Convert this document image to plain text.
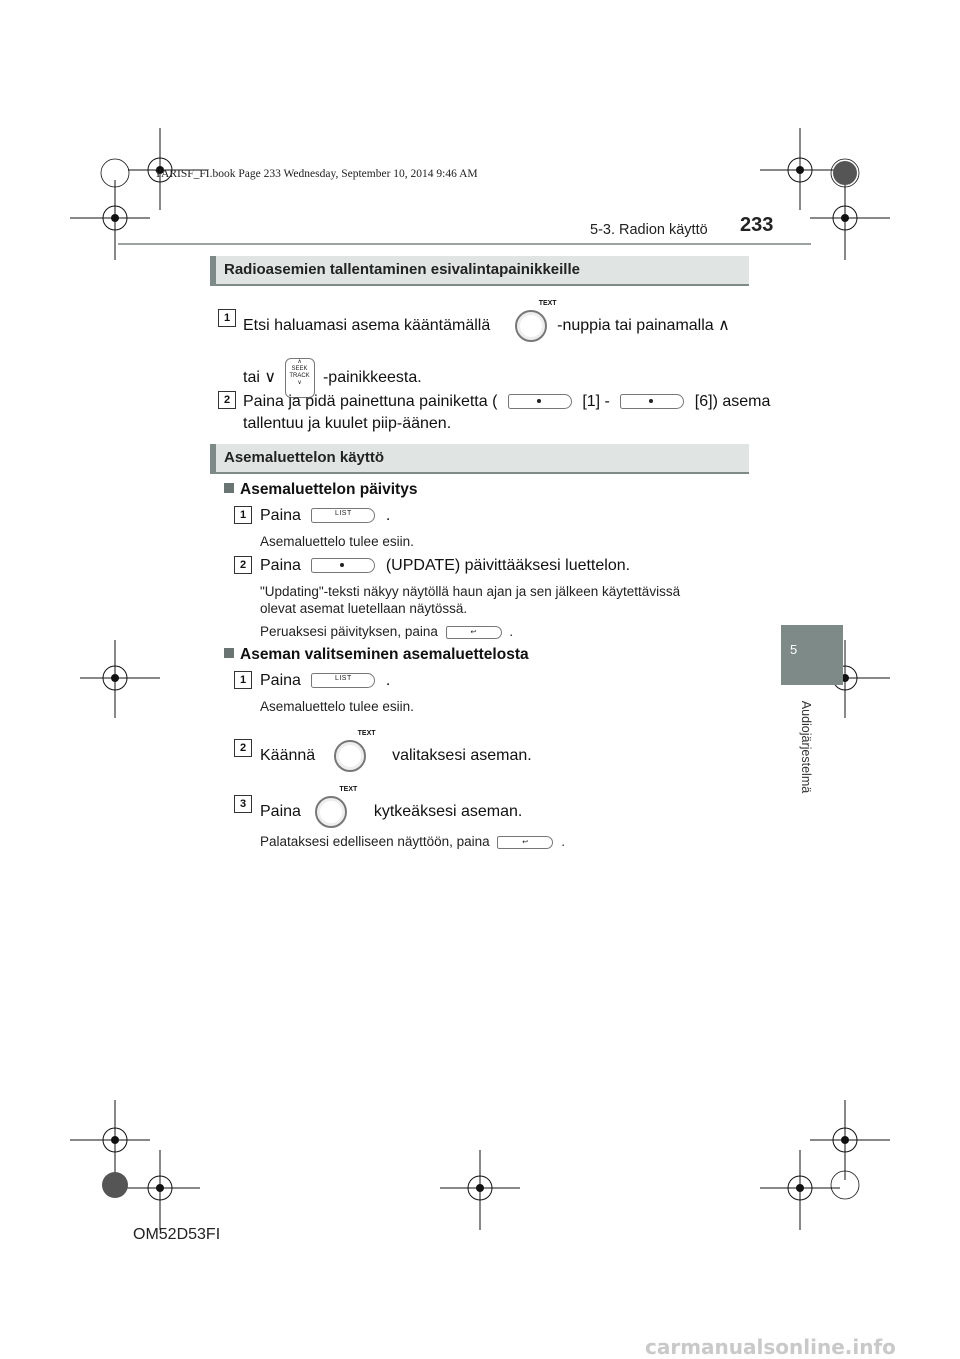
YARISF_FI.book Page 233 Wednesday, September 10, 2014 9:46 AM
5-3. Radion käyttö 233
5
Audiojärjestelmä
Radioasemien tallentaminen esivalintapainikkeille
1 Etsi haluamasi asema kääntämällä
TEXT
-nuppia tai painamalla ∧
tai ∨ ∧
SEEK
TRACK
∨ -painikkeesta.
2 Paina ja pidä painettuna painiketta (	[1] -	[6]) asema
tallentuu ja kuulet piip-äänen.
Asemaluettelon käyttö
Asemaluettelon päivitys
1 Paina	LIST	.
Asemaluettelo tulee esiin.
2 Paina	(UPDATE) päivittääksesi luettelon.
"Updating"-teksti näkyy näytöllä haun ajan ja sen jälkeen käytettävissä
olevat asemat luetellaan näytössä.
Peruaksesi päivityksen, paina	↩	.
Aseman valitseminen asemaluettelosta
1 Paina	LIST	.
Asemaluettelo tulee esiin.
2 Käännä
TEXT
valitaksesi aseman.
3 Paina
TEXT
kytkeäksesi aseman.
Palataksesi edelliseen näyttöön, paina	↩	.
OM52D53FI
carmanualsonline.info
